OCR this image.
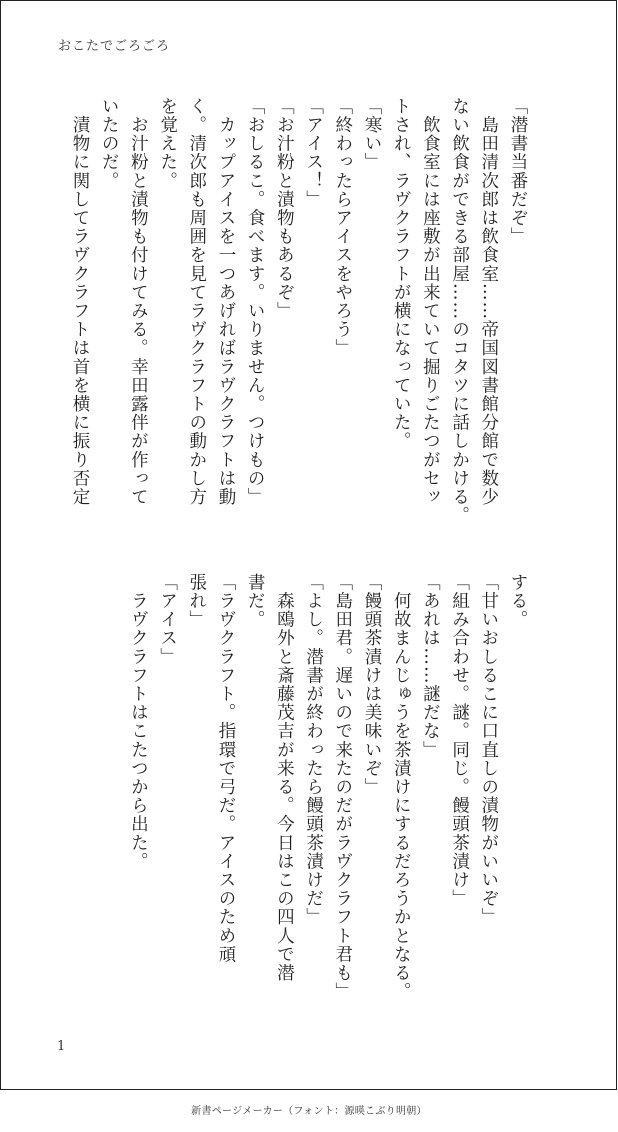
おこたでごろごろ
「潜書当番だぞ」
　島田清次郎は飲食室……帝国図書館分館で数少
ない飲食ができる部屋……のコタツに話しかける。
　飲食室には座敷が出来ていて掘りごたつがセッ
トされ、ラヴクラフトが横になっていた。
「寒い」
「終わったらアイスをやろう」
「アイス！」
「お汁粉と漬物もあるぞ」
「おしるこ。食べます。いりません。つけもの」
　カップアイスを一つあげればラヴクラフトは動
く。清次郎も周囲を見てラヴクラフトの動かし方
を覚えた。
　お汁粉と漬物も付けてみる。幸田露伴が作って
いたのだ。
　漬物に関してラヴクラフトは首を横に振り否定
する。
「甘いおしるこに口直しの漬物がいいぞ」
「組み合わせ。謎。同じ。饅頭茶漬け」
「あれは……謎だな」
　何故まんじゅうを茶漬けにするだろうかとなる。
「饅頭茶漬けは美味いぞ」
「島田君。遅いので来たのだがラヴクラフト君も」
「よし。潜書が終わったら饅頭茶漬けだ」
　森鴎外と斎藤茂吉が来る。今日はこの四人で潜
書だ。
「ラヴクラフト。指環で弓だ。アイスのため頑
張れ」
「アイス」
　ラヴクラフトはこたつから出た。
1
新書ページメーカー（フォント：源暎こぶり明朝）
